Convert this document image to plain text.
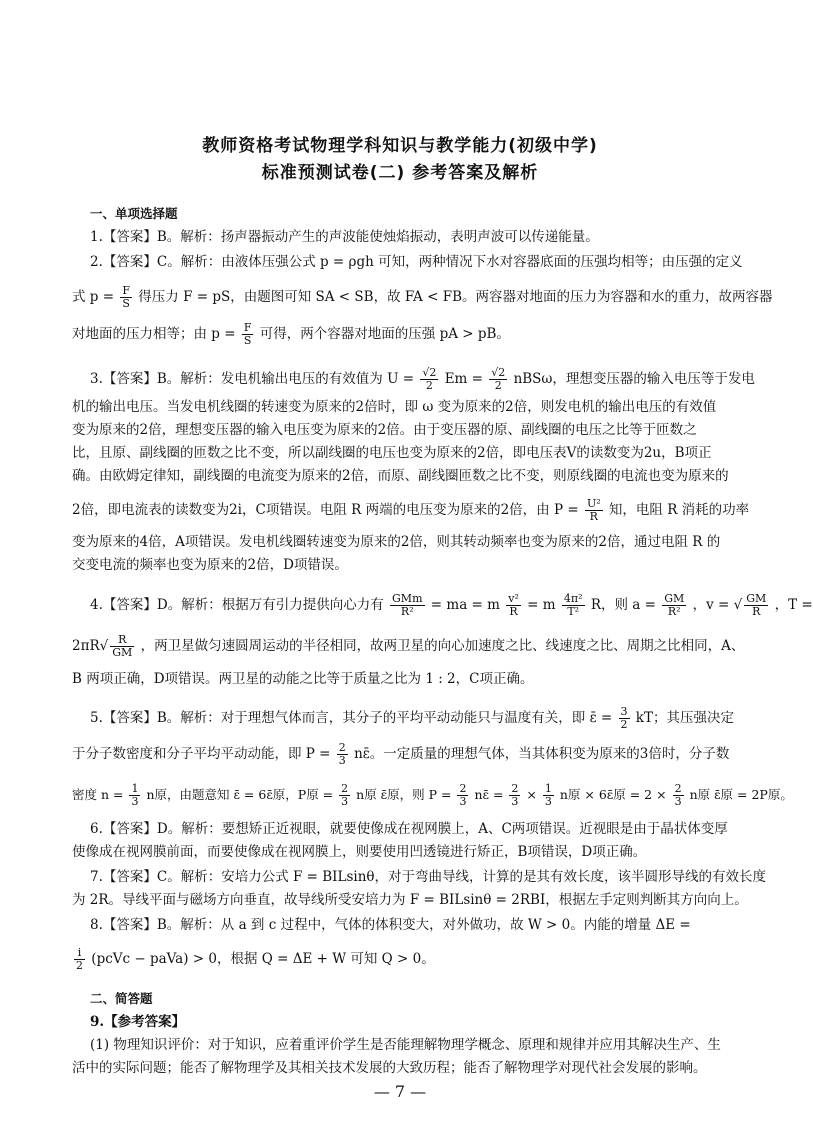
教师资格考试物理学科知识与教学能力(初级中学)
标准预测试卷(二) 参考答案及解析
一、单项选择题
1.【答案】B。解析：扬声器振动产生的声波能使烛焰振动，表明声波可以传递能量。
2.【答案】C。解析：由液体压强公式 p = ρgh 可知，两种情况下水对容器底面的压强均相等；由压强的定义
式 $p = \frac{F}{S}$ 得压力 F = pS，由题图可知 SA < SB，故 FA < FB。两容器对地面的压力为容器和水的重力，故两容器
对地面的压力相等；由 $p = \frac{F}{S}$ 可得，两个容器对地面的压强 pA > pB。
3.【答案】B。解析：发电机输出电压的有效值为 $U = \frac{√2}{2}$ $Em = \frac{√2}{2}$ nBSω，理想变压器的输入电压等于发电
机的输出电压。当发电机线圈的转速变为原来的2倍时，即 ω 变为原来的2倍，则发电机的输出电压的有效值
变为原来的2倍，理想变压器的输入电压变为原来的2倍。由于变压器的原、副线圈的电压之比等于匝数之
比，且原、副线圈的匝数之比不变，所以副线圈的电压也变为原来的2倍，即电压表V的读数变为2u，B项正
确。由欧姆定律知，副线圈的电流变为原来的2倍，而原、副线圈匝数之比不变，则原线圈的电流也变为原来的
2倍，即电流表的读数变为2i，C项错误。电阻 R 两端的电压变为原来的2倍，由 $P = \frac{\text{U²}}{R}$ 知，电阻 R 消耗的功率
变为原来的4倍，A项错误。发电机线圈转速变为原来的2倍，则其转动频率也变为原来的2倍，通过电阻 R 的
交变电流的频率也变为原来的2倍，D项错误。
4.【答案】D。解析：根据万有引力提供向心力有 $\frac{\text{GMm}}{\text{R²}}$ = ma = m $\frac{\text{v²}}{R} = m \frac{\text{4π²}}{\text{T²}}$ R，则 $a = \frac{GM}{\text{R²}}$ ，v = √ $\frac{GM}{R}$ ，T =
$2\pi R√ \frac{R}{GM}$ ，两卫星做匀速圆周运动的半径相同，故两卫星的向心加速度之比、线速度之比、周期之比相同，A、
B 两项正确，D项错误。两卫星的动能之比等于质量之比为 1 : 2，C项正确。
5.【答案】B。解析：对于理想气体而言，其分子的平均平动动能只与温度有关，即 ε̄ = $\frac{3}{2}$ kT；其压强决定
于分子数密度和分子平均平动动能，即 $P = \frac{2}{3}$ nε̄。一定质量的理想气体，当其体积变为原来的3倍时，分子数
密度 $n = \frac{1}{3}$ n原，由题意知 ε̄ = 6ε̄原，P原 = $\frac{2}{3}$ n原 ε̄原，则 $P = \frac{2}{3}$ nε̄ = $\frac{2}{3} \times \frac{1}{3}$ n原 × 6ε̄原 = $2 \times \frac{2}{3}$ n原 ε̄原 = 2P原。
6.【答案】D。解析：要想矫正近视眼，就要使像成在视网膜上，A、C两项错误。近视眼是由于晶状体变厚
使像成在视网膜前面，而要使像成在视网膜上，则要使用凹透镜进行矫正，B项错误，D项正确。
7.【答案】C。解析：安培力公式 F = BILsinθ，对于弯曲导线，计算的是其有效长度，该半圆形导线的有效长度
为 2R。导线平面与磁场方向垂直，故导线所受安培力为 F = BILsinθ = 2RBI，根据左手定则判断其方向向上。
8.【答案】B。解析：从 a 到 c 过程中，气体的体积变大，对外做功，故 W > 0。内能的增量 ΔE =
$\frac{i}{2}$ (pcVc − paVa) > 0，根据 Q = ΔE + W 可知 Q > 0。
二、简答题
9.【参考答案】
(1) 物理知识评价：对于知识，应着重评价学生是否能理解物理学概念、原理和规律并应用其解决生产、生
活中的实际问题；能否了解物理学及其相关技术发展的大致历程；能否了解物理学对现代社会发展的影响。
— 7 —
